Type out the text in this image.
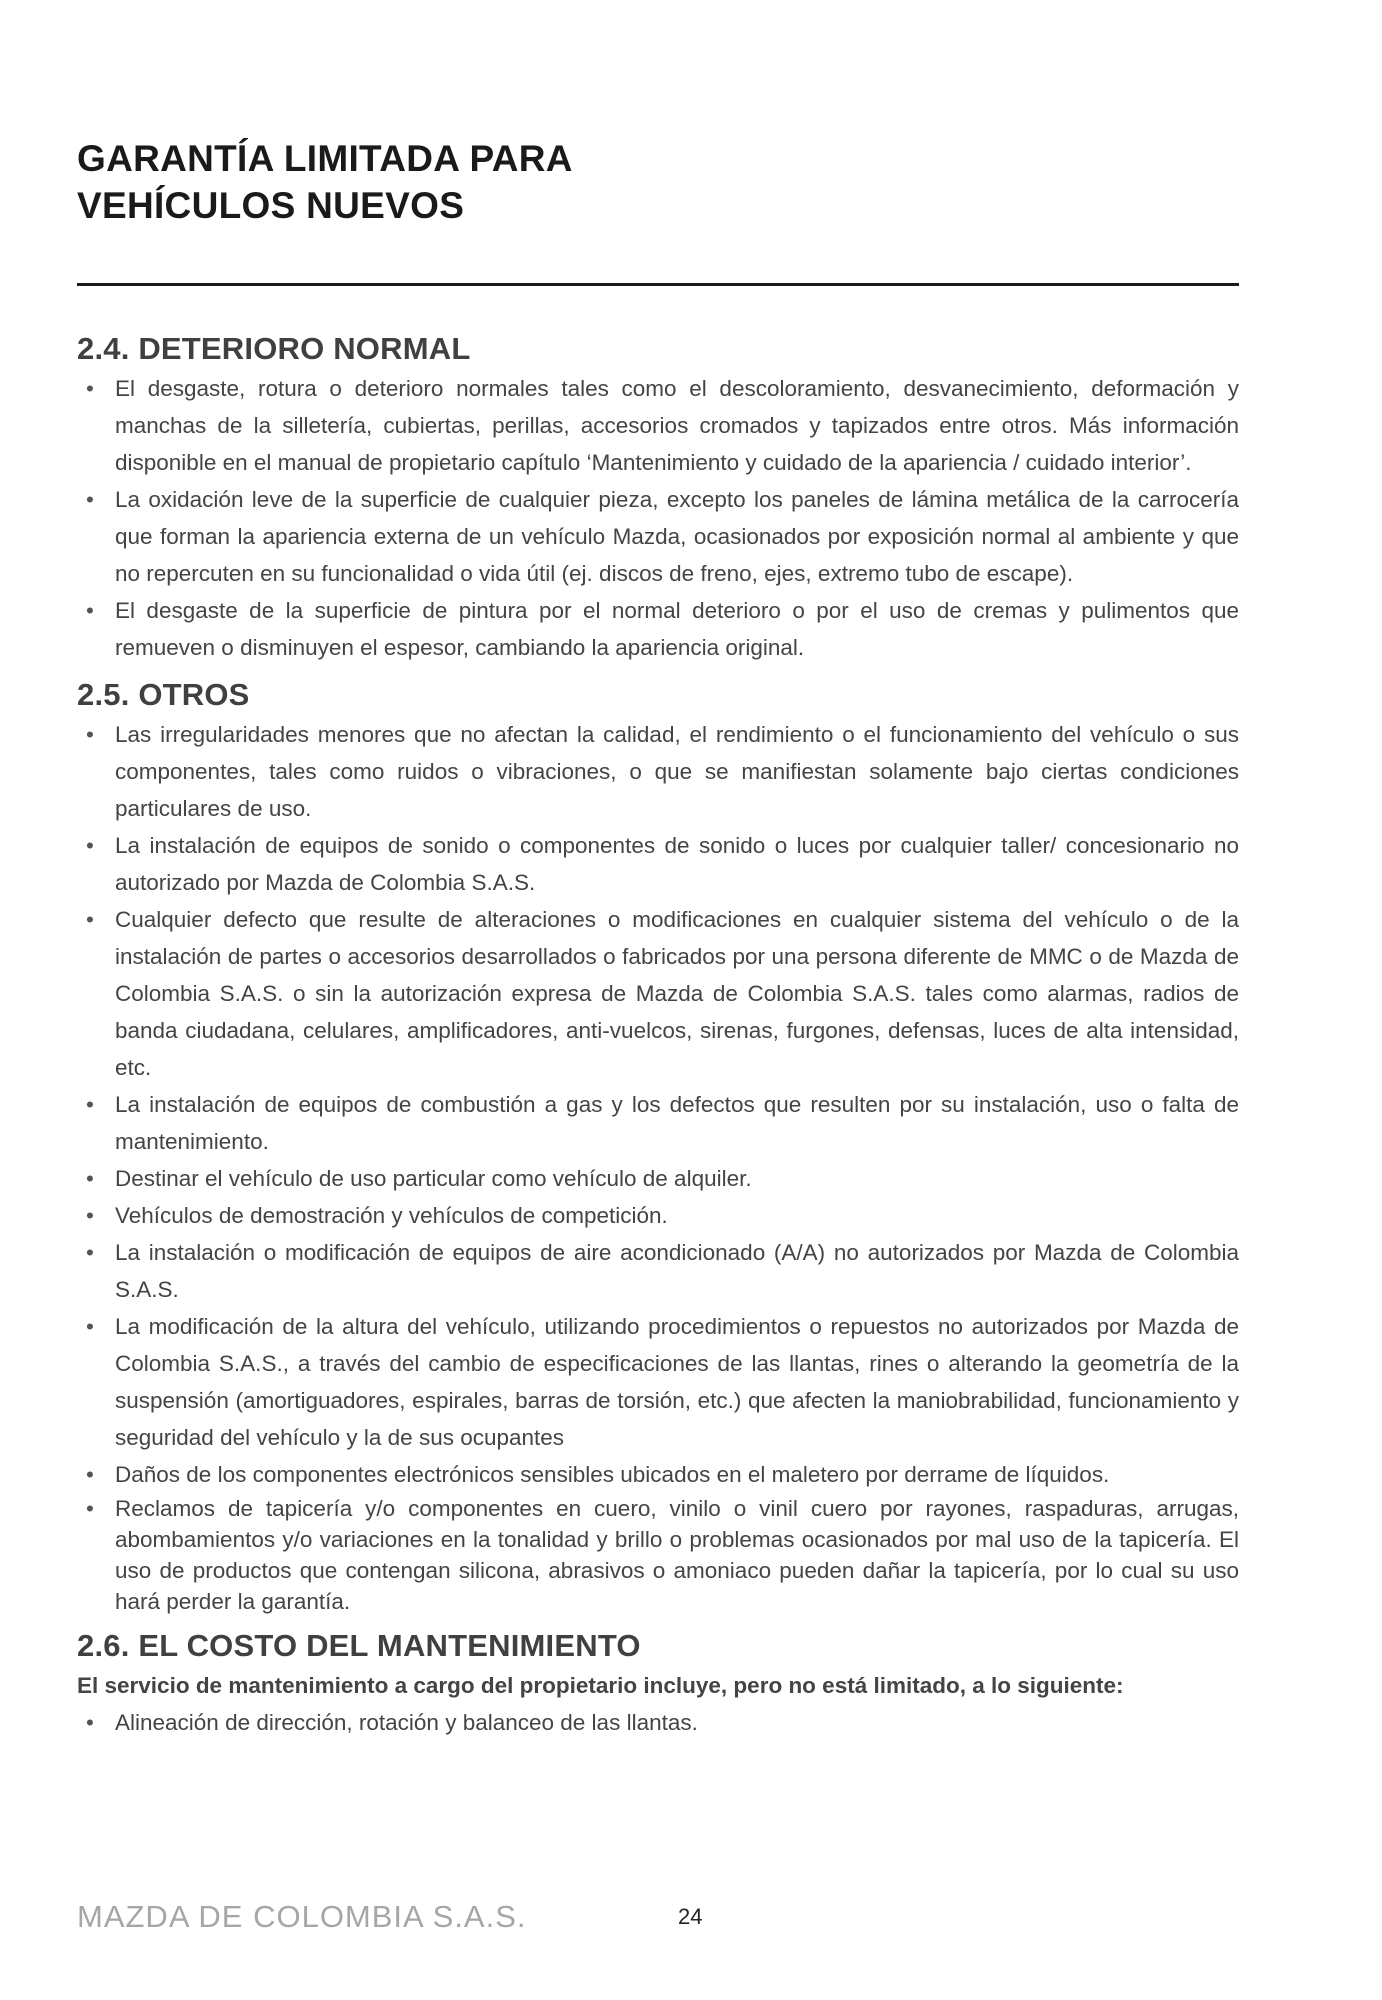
GARANTÍA LIMITADA PARA
VEHÍCULOS NUEVOS
2.4. DETERIORO NORMAL
• El desgaste, rotura o deterioro normales tales como el descoloramiento, desvanecimiento, deformación y manchas de la silletería, cubiertas, perillas, accesorios cromados y tapizados entre otros. Más información disponible en el manual de propietario capítulo ‘Mantenimiento y cuidado de la apariencia / cuidado interior’.
• La oxidación leve de la superficie de cualquier pieza, excepto los paneles de lámina metálica de la carrocería que forman la apariencia externa de un vehículo Mazda, ocasionados por exposición normal al ambiente y que no repercuten en su funcionalidad o vida útil (ej. discos de freno, ejes, extremo tubo de escape).
• El desgaste de la superficie de pintura por el normal deterioro o por el uso de cremas y pulimentos que remueven o disminuyen el espesor, cambiando la apariencia original.
2.5. OTROS
• Las irregularidades menores que no afectan la calidad, el rendimiento o el funcionamiento del vehículo o sus componentes, tales como ruidos o vibraciones, o que se manifiestan solamente bajo ciertas condiciones particulares de uso.
• La instalación de equipos de sonido o componentes de sonido o luces por cualquier taller/ concesionario no autorizado por Mazda de Colombia S.A.S.
• Cualquier defecto que resulte de alteraciones o modificaciones en cualquier sistema del vehículo o de la instalación de partes o accesorios desarrollados o fabricados por una persona diferente de MMC o de Mazda de Colombia S.A.S. o sin la autorización expresa de Mazda de Colombia S.A.S. tales como alarmas, radios de banda ciudadana, celulares, amplificadores, anti-vuelcos, sirenas, furgones, defensas, luces de alta intensidad, etc.
• La instalación de equipos de combustión a gas y los defectos que resulten por su instalación, uso o falta de mantenimiento.
• Destinar el vehículo de uso particular como vehículo de alquiler.
• Vehículos de demostración y vehículos de competición.
• La instalación o modificación de equipos de aire acondicionado (A/A) no autorizados por Mazda de Colombia S.A.S.
• La modificación de la altura del vehículo, utilizando procedimientos o repuestos no autorizados por Mazda de Colombia S.A.S., a través del cambio de especificaciones de las llantas, rines o alterando la geometría de la suspensión (amortiguadores, espirales, barras de torsión, etc.) que afecten la maniobrabilidad, funcionamiento y seguridad del vehículo y la de sus ocupantes
• Daños de los componentes electrónicos sensibles ubicados en el maletero por derrame de líquidos.
• Reclamos de tapicería y/o componentes en cuero, vinilo o vinil cuero por rayones, raspaduras, arrugas, abombamientos y/o variaciones en la tonalidad y brillo o problemas ocasionados por mal uso de la tapicería. El uso de productos que contengan silicona, abrasivos o amoniaco pueden dañar la tapicería, por lo cual su uso hará perder la garantía.
2.6. EL COSTO DEL MANTENIMIENTO

El servicio de mantenimiento a cargo del propietario incluye, pero no está limitado, a lo siguiente:

• Alineación de dirección, rotación y balanceo de las llantas.
MAZDA DE COLOMBIA S.A.S.	24
